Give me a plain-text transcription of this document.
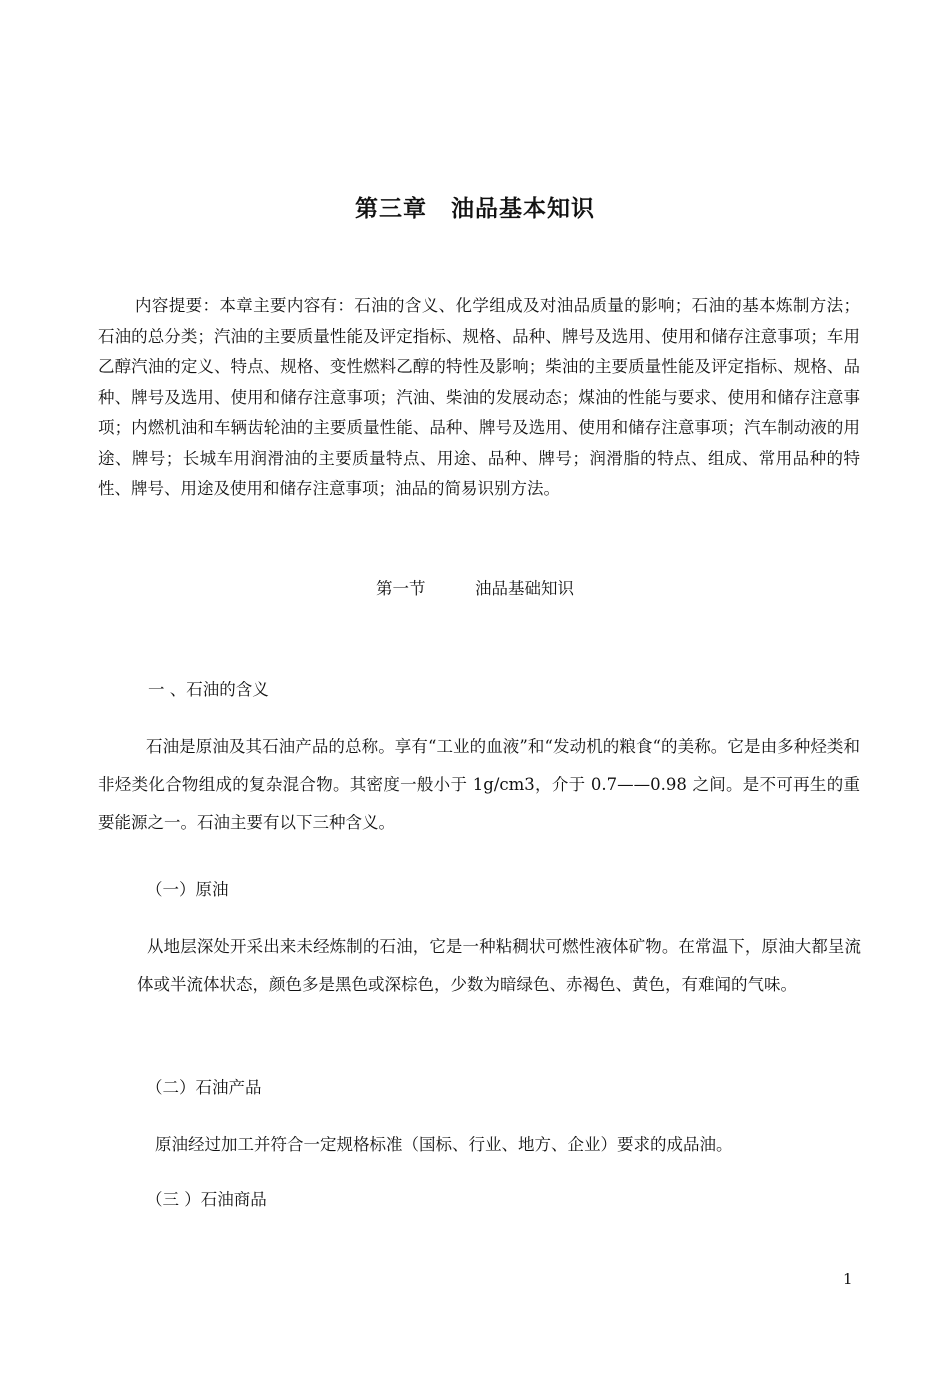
第三章　油品基本知识

内容提要：本章主要内容有：石油的含义、化学组成及对油品质量的影响；石油的基本炼制方法；石油的总分类；汽油的主要质量性能及评定指标、规格、品种、牌号及选用、使用和储存注意事项；车用乙醇汽油的定义、特点、规格、变性燃料乙醇的特性及影响；柴油的主要质量性能及评定指标、规格、品种、牌号及选用、使用和储存注意事项；汽油、柴油的发展动态；煤油的性能与要求、使用和储存注意事项；内燃机油和车辆齿轮油的主要质量性能、品种、牌号及选用、使用和储存注意事项；汽车制动液的用途、牌号；长城车用润滑油的主要质量特点、用途、品种、牌号；润滑脂的特点、组成、常用品种的特性、牌号、用途及使用和储存注意事项；油品的简易识别方法。

第一节　　　油品基础知识
一 、石油的含义

石油是原油及其石油产品的总称。享有“工业的血液”和“发动机的粮食“的美称。它是由多种烃类和非烃类化合物组成的复杂混合物。其密度一般小于 1g/cm3，介于 0.7——0.98 之间。是不可再生的重要能源之一。石油主要有以下三种含义。

（一）原油

从地层深处开采出来未经炼制的石油，它是一种粘稠状可燃性液体矿物。在常温下，原油大都呈流体或半流体状态，颜色多是黑色或深棕色，少数为暗绿色、赤褐色、黄色，有难闻的气味。

（二）石油产品
原油经过加工并符合一定规格标准（国标、行业、地方、企业）要求的成品油。
（三 ）石油商品
1
